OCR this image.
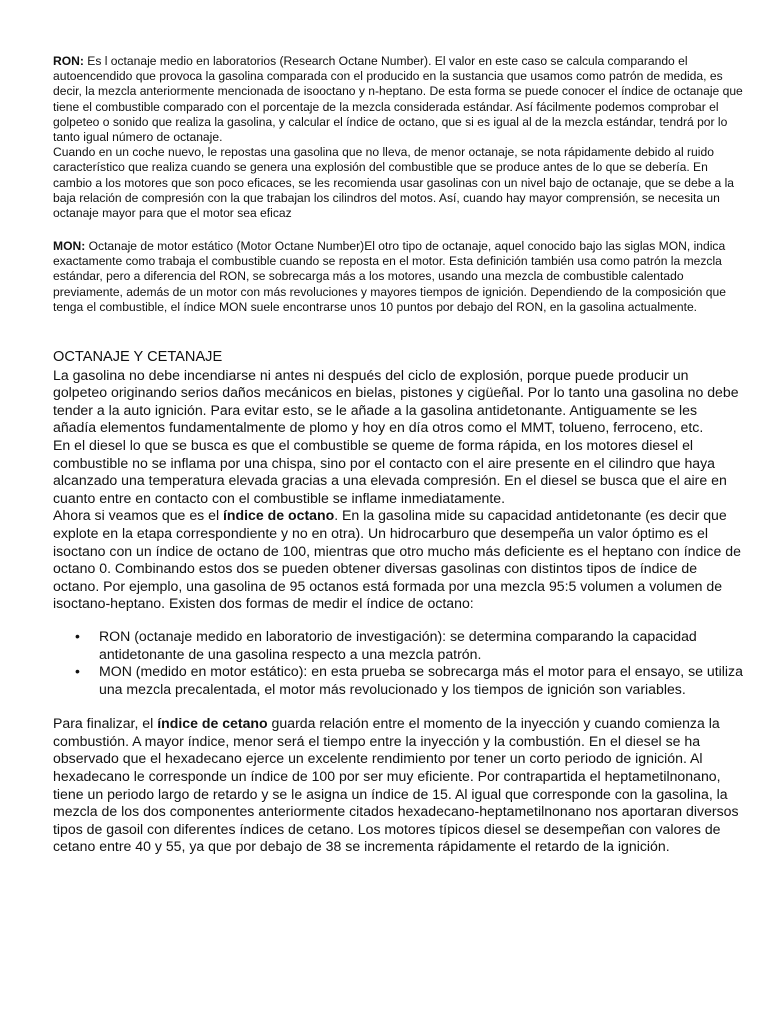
RON: Es l octanaje medio en laboratorios (Research Octane Number). El valor en este caso se calcula comparando el autoencendido que provoca la gasolina comparada con el producido en la sustancia que usamos como patrón de medida, es decir, la mezcla anteriormente mencionada de isooctano y n-heptano. De esta forma se puede conocer el índice de octanaje que tiene el combustible comparado con el porcentaje de la mezcla considerada estándar. Así fácilmente podemos comprobar el golpeteo o sonido que realiza la gasolina, y calcular el índice de octano, que si es igual al de la mezcla estándar, tendrá por lo tanto igual número de octanaje.

Cuando en un coche nuevo, le repostas una gasolina que no lleva, de menor octanaje, se nota rápidamente debido al ruido característico que realiza cuando se genera una explosión del combustible que se produce antes de lo que se debería. En cambio a los motores que son poco eficaces, se les recomienda usar gasolinas con un nivel bajo de octanaje, que se debe a la baja relación de compresión con la que trabajan los cilindros del motos. Así, cuando hay mayor comprensión, se necesita un octanaje mayor para que el motor sea eficaz

MON: Octanaje de motor estático (Motor Octane Number)El otro tipo de octanaje, aquel conocido bajo las siglas MON, indica exactamente como trabaja el combustible cuando se reposta en el motor. Esta definición también usa como patrón la mezcla estándar, pero a diferencia del RON, se sobrecarga más a los motores, usando una mezcla de combustible calentado previamente, además de un motor con más revoluciones y mayores tiempos de ignición. Dependiendo de la composición que tenga el combustible, el índice MON suele encontrarse unos 10 puntos por debajo del RON, en la gasolina actualmente.

OCTANAJE Y CETANAJE

La gasolina no debe incendiarse ni antes ni después del ciclo de explosión, porque puede producir un golpeteo originando serios daños mecánicos en bielas, pistones y cigüeñal. Por lo tanto una gasolina no debe tender a la auto ignición. Para evitar esto, se le añade a la gasolina antidetonante. Antiguamente se les añadía elementos fundamentalmente de plomo y hoy en día otros como el MMT, tolueno, ferroceno, etc.

En el diesel lo que se busca es que el combustible se queme de forma rápida, en los motores diesel el combustible no se inflama por una chispa, sino por el contacto con el aire presente en el cilindro que haya alcanzado una temperatura elevada gracias a una elevada compresión. En el diesel se busca que el aire en cuanto entre en contacto con el combustible se inflame inmediatamente.

Ahora si veamos que es el índice de octano. En la gasolina mide su capacidad antidetonante (es decir que explote en la etapa correspondiente y no en otra). Un hidrocarburo que desempeña un valor óptimo es el isoctano con un índice de octano de 100, mientras que otro mucho más deficiente es el heptano con índice de octano 0. Combinando estos dos se pueden obtener diversas gasolinas con distintos tipos de índice de octano. Por ejemplo, una gasolina de 95 octanos está formada por una mezcla 95:5 volumen a volumen de isoctano-heptano. Existen dos formas de medir el índice de octano:

• RON (octanaje medido en laboratorio de investigación): se determina comparando la capacidad antidetonante de una gasolina respecto a una mezcla patrón.
• MON (medido en motor estático): en esta prueba se sobrecarga más el motor para el ensayo, se utiliza una mezcla precalentada, el motor más revolucionado y los tiempos de ignición son variables.

Para finalizar, el índice de cetano guarda relación entre el momento de la inyección y cuando comienza la combustión. A mayor índice, menor será el tiempo entre la inyección y la combustión. En el diesel se ha observado que el hexadecano ejerce un excelente rendimiento por tener un corto periodo de ignición. Al hexadecano le corresponde un índice de 100 por ser muy eficiente. Por contrapartida el heptametilnonano, tiene un periodo largo de retardo y se le asigna un índice de 15. Al igual que corresponde con la gasolina, la mezcla de los dos componentes anteriormente citados hexadecano-heptametilnonano nos aportaran diversos tipos de gasoil con diferentes índices de cetano. Los motores típicos diesel se desempeñan con valores de cetano entre 40 y 55, ya que por debajo de 38 se incrementa rápidamente el retardo de la ignición.
